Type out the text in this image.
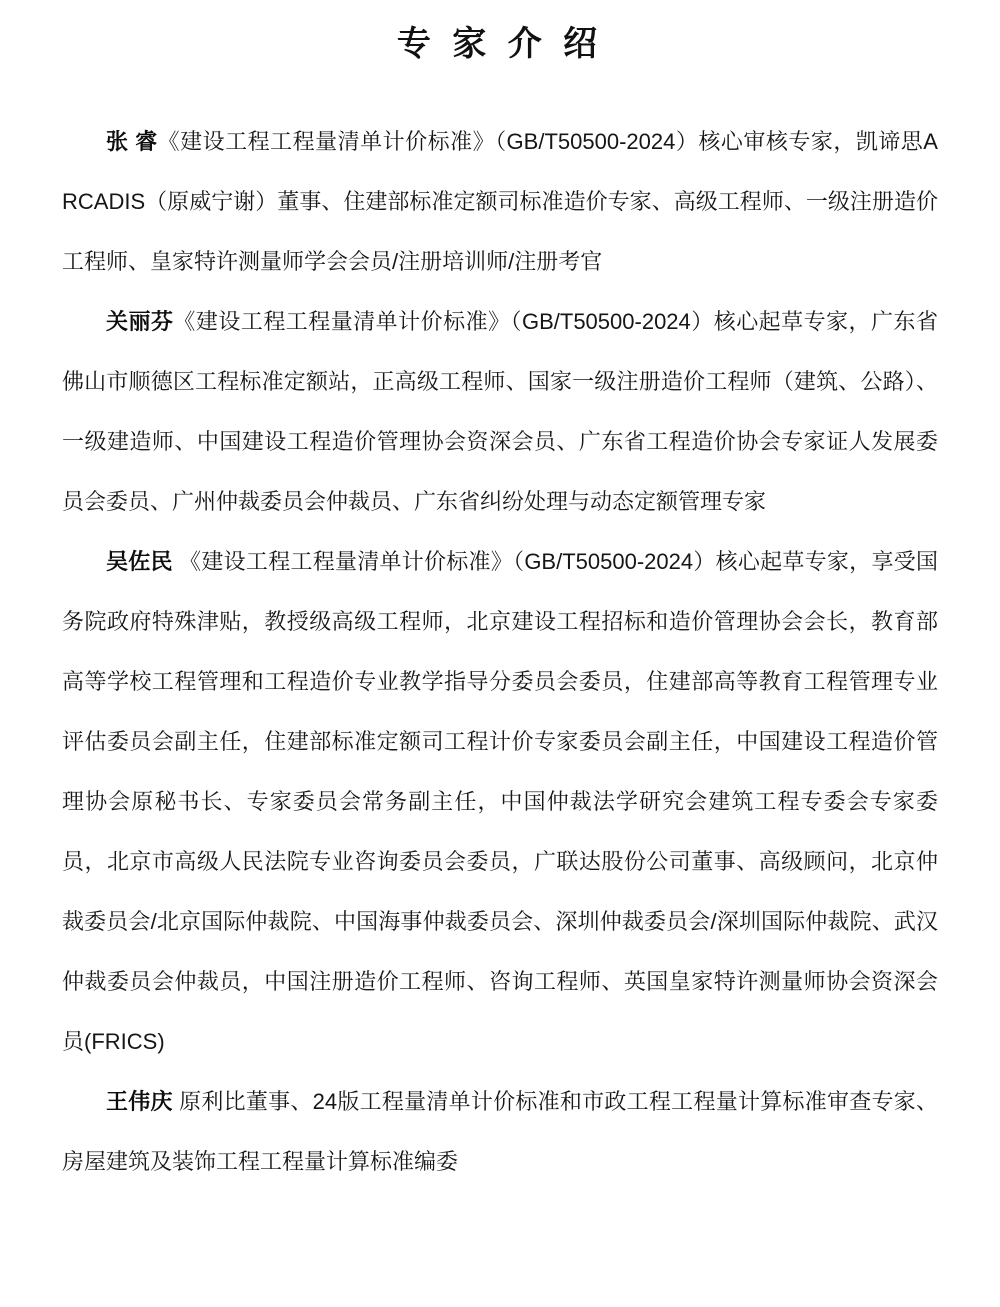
专 家 介 绍

张 睿《建设工程工程量清单计价标准》（GB/T50500-2024）核心审核专家，凯谛思ARCADIS（原威宁谢）董事、住建部标准定额司标准造价专家、高级工程师、一级注册造价工程师、皇家特许测量师学会会员/注册培训师/注册考官

关丽芬《建设工程工程量清单计价标准》（GB/T50500-2024）核心起草专家，广东省佛山市顺德区工程标准定额站，正高级工程师、国家一级注册造价工程师（建筑、公路）、一级建造师、中国建设工程造价管理协会资深会员、广东省工程造价协会专家证人发展委员会委员、广州仲裁委员会仲裁员、广东省纠纷处理与动态定额管理专家

吴佐民 《建设工程工程量清单计价标准》（GB/T50500-2024）核心起草专家，享受国务院政府特殊津贴，教授级高级工程师，北京建设工程招标和造价管理协会会长，教育部高等学校工程管理和工程造价专业教学指导分委员会委员，住建部高等教育工程管理专业评估委员会副主任，住建部标准定额司工程计价专家委员会副主任，中国建设工程造价管理协会原秘书长、专家委员会常务副主任，中国仲裁法学研究会建筑工程专委会专家委员，北京市高级人民法院专业咨询委员会委员，广联达股份公司董事、高级顾问，北京仲裁委员会/北京国际仲裁院、中国海事仲裁委员会、深圳仲裁委员会/深圳国际仲裁院、武汉仲裁委员会仲裁员，中国注册造价工程师、咨询工程师、英国皇家特许测量师协会资深会员(FRICS)

王伟庆 原利比董事、24版工程量清单计价标准和市政工程工程量计算标准审查专家、房屋建筑及装饰工程工程量计算标准编委
